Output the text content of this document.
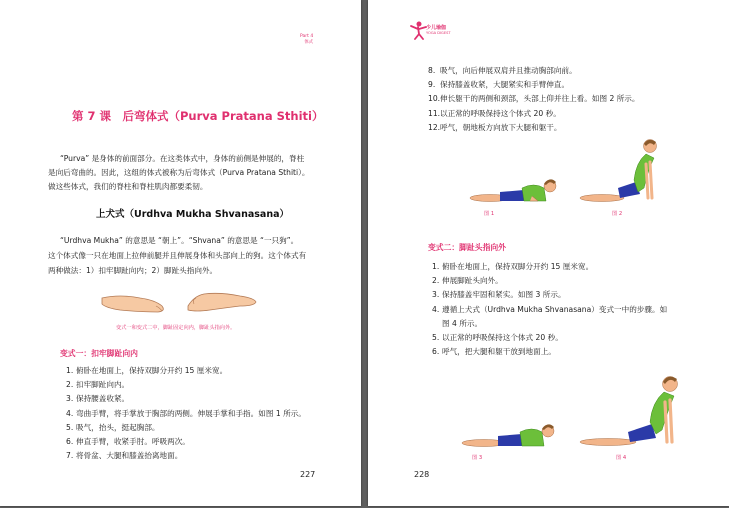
Part 4
体式
第 7 课　后弯体式（Purva Pratana Sthiti）
“Purva” 是身体的前面部分。在这类体式中，身体的前侧是伸展的，脊柱
是向后弯曲的。因此，这组的体式被称为后弯体式（Purva Pratana Sthiti）。
做这些体式，我们的脊柱和脊柱肌肉都要柔韧。
上犬式（Urdhva Mukha Shvanasana）
“Urdhva Mukha” 的意思是 “朝上”。“Shvana” 的意思是 “一只狗”。
这个体式像一只在地面上拉伸前腿并且伸展身体和头部向上的狗。这个体式有
两种做法：1）扣牢脚趾向内；2）脚趾头指向外。
变式一和变式二中，脚趾固定向内，脚趾头指向外。
变式一：扣牢脚趾向内
1. 俯卧在地面上，保持双脚分开约 15 厘米宽。
2. 扣牢脚趾向内。
3. 保持腰盖收紧。
4. 弯曲手臂，将手掌放于胸部的两侧。伸展手掌和手指。如图 1 所示。
5. 吸气，抬头，挺起胸部。
6. 伸直手臂，收紧手肘。呼吸两次。
7. 将骨盆、大腿和膝盖抬离地面。
227
少儿瑜伽
YOGA DIGEST
8. 吸气，向后伸展双肩并且推动胸部向前。
9. 保持膝盖收紧，大腿紧实和手臂伸直。
10. 伸长躯干的两侧和颈部，头部上仰并往上看。如图 2 所示。
11. 以正常的呼吸保持这个体式 20 秒。
12. 呼气，朝地板方向放下大腿和躯干。
图 1	图 2
变式二：脚趾头指向外
1. 俯卧在地面上，保持双脚分开约 15 厘米宽。
2. 伸展脚趾头向外。
3. 保持膝盖牢固和紧实。如图 3 所示。
4. 遵循上犬式（Urdhva Mukha Shvanasana）变式一中的步骤。如
图 4 所示。
5. 以正常的呼吸保持这个体式 20 秒。
6. 呼气，把大腿和躯干放到地面上。
图 3	图 4
228
